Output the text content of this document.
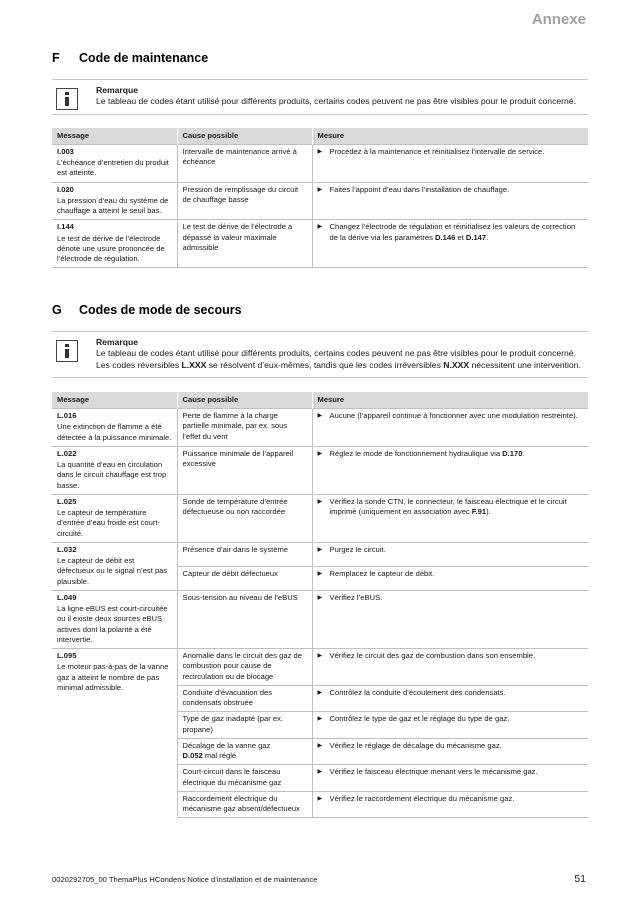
Annexe
F	Code de maintenance
Remarque
Le tableau de codes étant utilisé pour différents produits, certains codes peuvent ne pas être visibles pour le produit concerné.
Message	Cause possible	Mesure

I.003
L’échéance d’entretien du produit est atteinte.	Intervalle de maintenance arrivé à échéance	▶ Procédez à la maintenance et réinitialisez l’intervalle de service.

I.020
La pression d’eau du système de chauffage a atteint le seuil bas.	Pression de remplissage du circuit de chauffage basse	▶ Faites l’appoint d’eau dans l’installation de chauffage.

I.144
Le test de dérive de l’électrode dénote une usure prononcée de l’électrode de régulation.	Le test de dérive de l’électrode a dépassé la valeur maximale admissible	▶ Changez l’électrode de régulation et réinitialisez les valeurs de correction de la dérive via les paramètres D.146 et D.147.
G	Codes de mode de secours
Remarque
Le tableau de codes étant utilisé pour différents produits, certains codes peuvent ne pas être visibles pour le produit concerné. Les codes réversibles L.XXX se résolvent d’eux-mêmes, tandis que les codes irréversibles N.XXX nécessitent une intervention.
Message	Cause possible	Mesure

L.016
Une extinction de flamme a été détectée à la puissance minimale.	Perte de flamme à la charge partielle minimale, par ex. sous l’effet du vent	▶ Aucune (l’appareil continue à fonctionner avec une modulation restreinte).

L.022
La quantité d’eau en circulation dans le circuit chauffage est trop basse.	Puissance minimale de l’appareil excessive	▶ Réglez le mode de fonctionnement hydraulique via D.170.

L.025
Le capteur de température d’entrée d’eau froide est court-circuité.	Sonde de température d’entrée défectueuse ou non raccordée	▶ Vérifiez la sonde CTN, le connecteur, le faisceau électrique et le circuit imprimé (uniquement en association avec F.91).

L.032
Le capteur de débit est défectueux ou le signal n’est pas plausible.	Présence d’air dans le système	▶ Purgez le circuit.

	Capteur de débit défectueux	▶ Remplacez le capteur de débit.

L.049
La ligne eBUS est court-circuitée ou il existe deux sources eBUS actives dont la polarité a été intervertie.	Sous-tension au niveau de l’eBUS	▶ Vérifiez l’eBUS.

L.095
Le moteur pas-à-pas de la vanne gaz a atteint le nombre de pas minimal admissible.	Anomalie dans le circuit des gaz de combustion pour cause de recirculation ou de blocage	▶ Vérifiez le circuit des gaz de combustion dans son ensemble.

	Conduite d’évacuation des condensats obstruée	▶ Contrôlez la conduite d’écoulement des condensats.

	Type de gaz inadapté (par ex. propane)	▶ Contrôlez le type de gaz et le réglage du type de gaz.

	Décalage de la vanne gaz
D.052 mal réglé	▶ Vérifiez le réglage de décalage du mécanisme gaz.

	Court-circuit dans le faisceau électrique du mécanisme gaz	▶ Vérifiez le faisceau électrique menant vers le mécanisme gaz.

	Raccordement électrique du mécanisme gaz absent/défectueux	▶ Vérifiez le raccordement électrique du mécanisme gaz.
0020292705_00 ThemaPlus HCondens Notice d’installation et de maintenance	51
